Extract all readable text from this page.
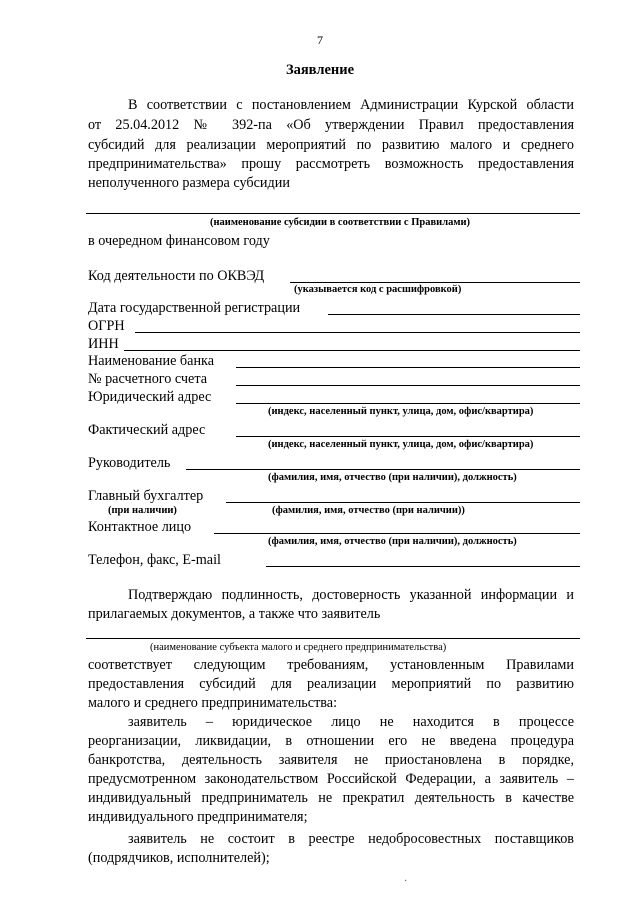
7
Заявление
В соответствии с постановлением Администрации Курской области
от 25.04.2012 № 392-па «Об утверждении Правил предоставления
субсидий для реализации мероприятий по развитию малого и среднего
предпринимательства» прошу рассмотреть возможность предоставления
неполученного размера субсидии
(наименование субсидии в соответствии с Правилами)
в очередном финансовом году
Код деятельности по ОКВЭД
(указывается код с расшифровкой)
Дата государственной регистрации
ОГРН
ИНН
Наименование банка
№ расчетного счета
Юридический адрес
(индекс, населенный пункт, улица, дом, офис/квартира)
Фактический адрес
(индекс, населенный пункт, улица, дом, офис/квартира)
Руководитель
(фамилия, имя, отчество (при наличии), должность)
Главный бухгалтер
(при наличии)	(фамилия, имя, отчество (при наличии))
Контактное лицо
(фамилия, имя, отчество (при наличии), должность)
Телефон, факс, E-mail
Подтверждаю подлинность, достоверность указанной информации и
прилагаемых документов, а также что заявитель
(наименование субъекта малого и среднего предпринимательства)
соответствует следующим требованиям, установленным Правилами
предоставления субсидий для реализации мероприятий по развитию
малого и среднего предпринимательства:
заявитель – юридическое лицо не находится в процессе
реорганизации, ликвидации, в отношении его не введена процедура
банкротства, деятельность заявителя не приостановлена в порядке,
предусмотренном законодательством Российской Федерации, а заявитель –
индивидуальный предприниматель не прекратил деятельность в качестве
индивидуального предпринимателя;
заявитель не состоит в реестре недобросовестных поставщиков
(подрядчиков, исполнителей);
·
